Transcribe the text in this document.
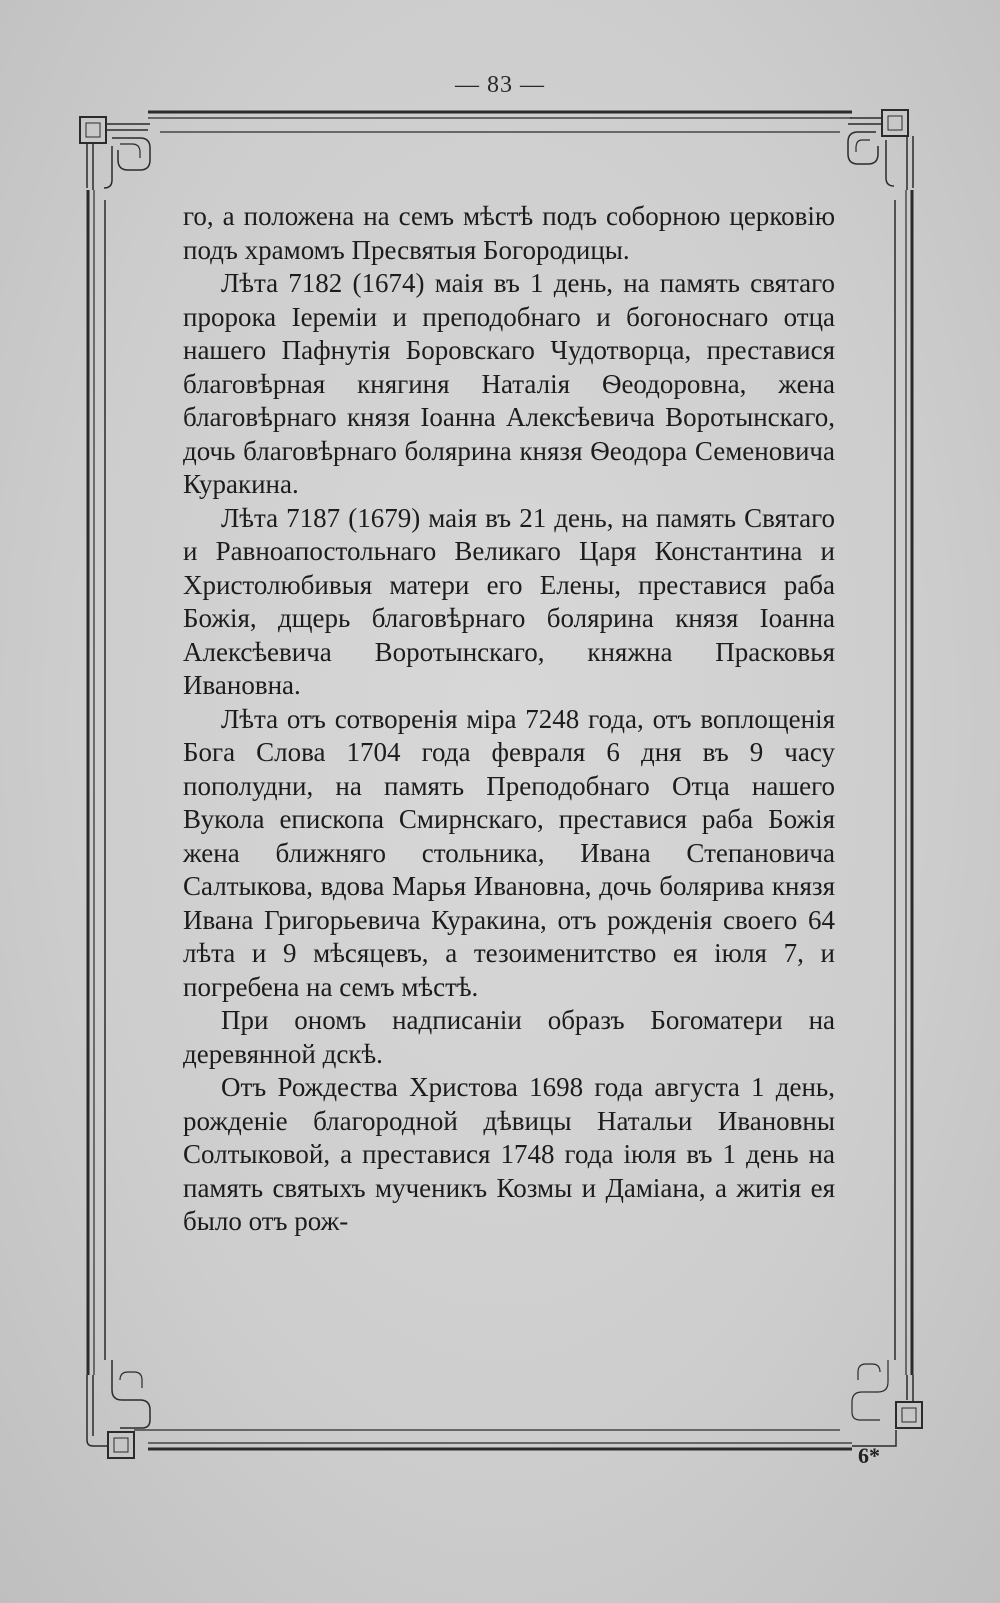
— 83 —

го, а положена на семъ мѣстѣ подъ соборною церковію подъ храмомъ Пресвятыя Богородицы.

Лѣта 7182 (1674) маія въ 1 день, на память святаго пророка Іереміи и преподобнаго и богоноснаго отца нашего Пафнутія Боровскаго Чудотворца, преставися благовѣрная княгиня Наталія Ѳеодоровна, жена благовѣрнаго князя Іоанна Алексѣевича Воротынскаго, дочь благовѣрнаго болярина князя Ѳеодора Семеновича Куракина.

Лѣта 7187 (1679) маія въ 21 день, на память Святаго и Равноапостольнаго Великаго Царя Константина и Христолюбивыя матери его Елены, преставися раба Божія, дщерь благовѣрнаго болярина князя Іоанна Алексѣевича Воротынскаго, княжна Прасковья Ивановна.

Лѣта отъ сотворенія міра 7248 года, отъ воплощенія Бога Слова 1704 года февраля 6 дня въ 9 часу пополудни, на память Преподобнаго Отца нашего Вукола епископа Смирнскаго, преставися раба Божія жена ближняго стольника, Ивана Степановича Салтыкова, вдова Марья Ивановна, дочь болярива князя Ивана Григорьевича Куракина, отъ рожденія своего 64 лѣта и 9 мѣсяцевъ, а тезоименитство ея іюля 7, и погребена на семъ мѣстѣ.

При ономъ надписаніи образъ Богоматери на деревянной дскѣ.

Отъ Рождества Христова 1698 года августа 1 день, рожденіе благородной дѣвицы Натальи Ивановны Солтыковой, а преставися 1748 года іюля въ 1 день на память святыхъ мученикъ Козмы и Даміана, а житія ея было отъ рож-

6*
